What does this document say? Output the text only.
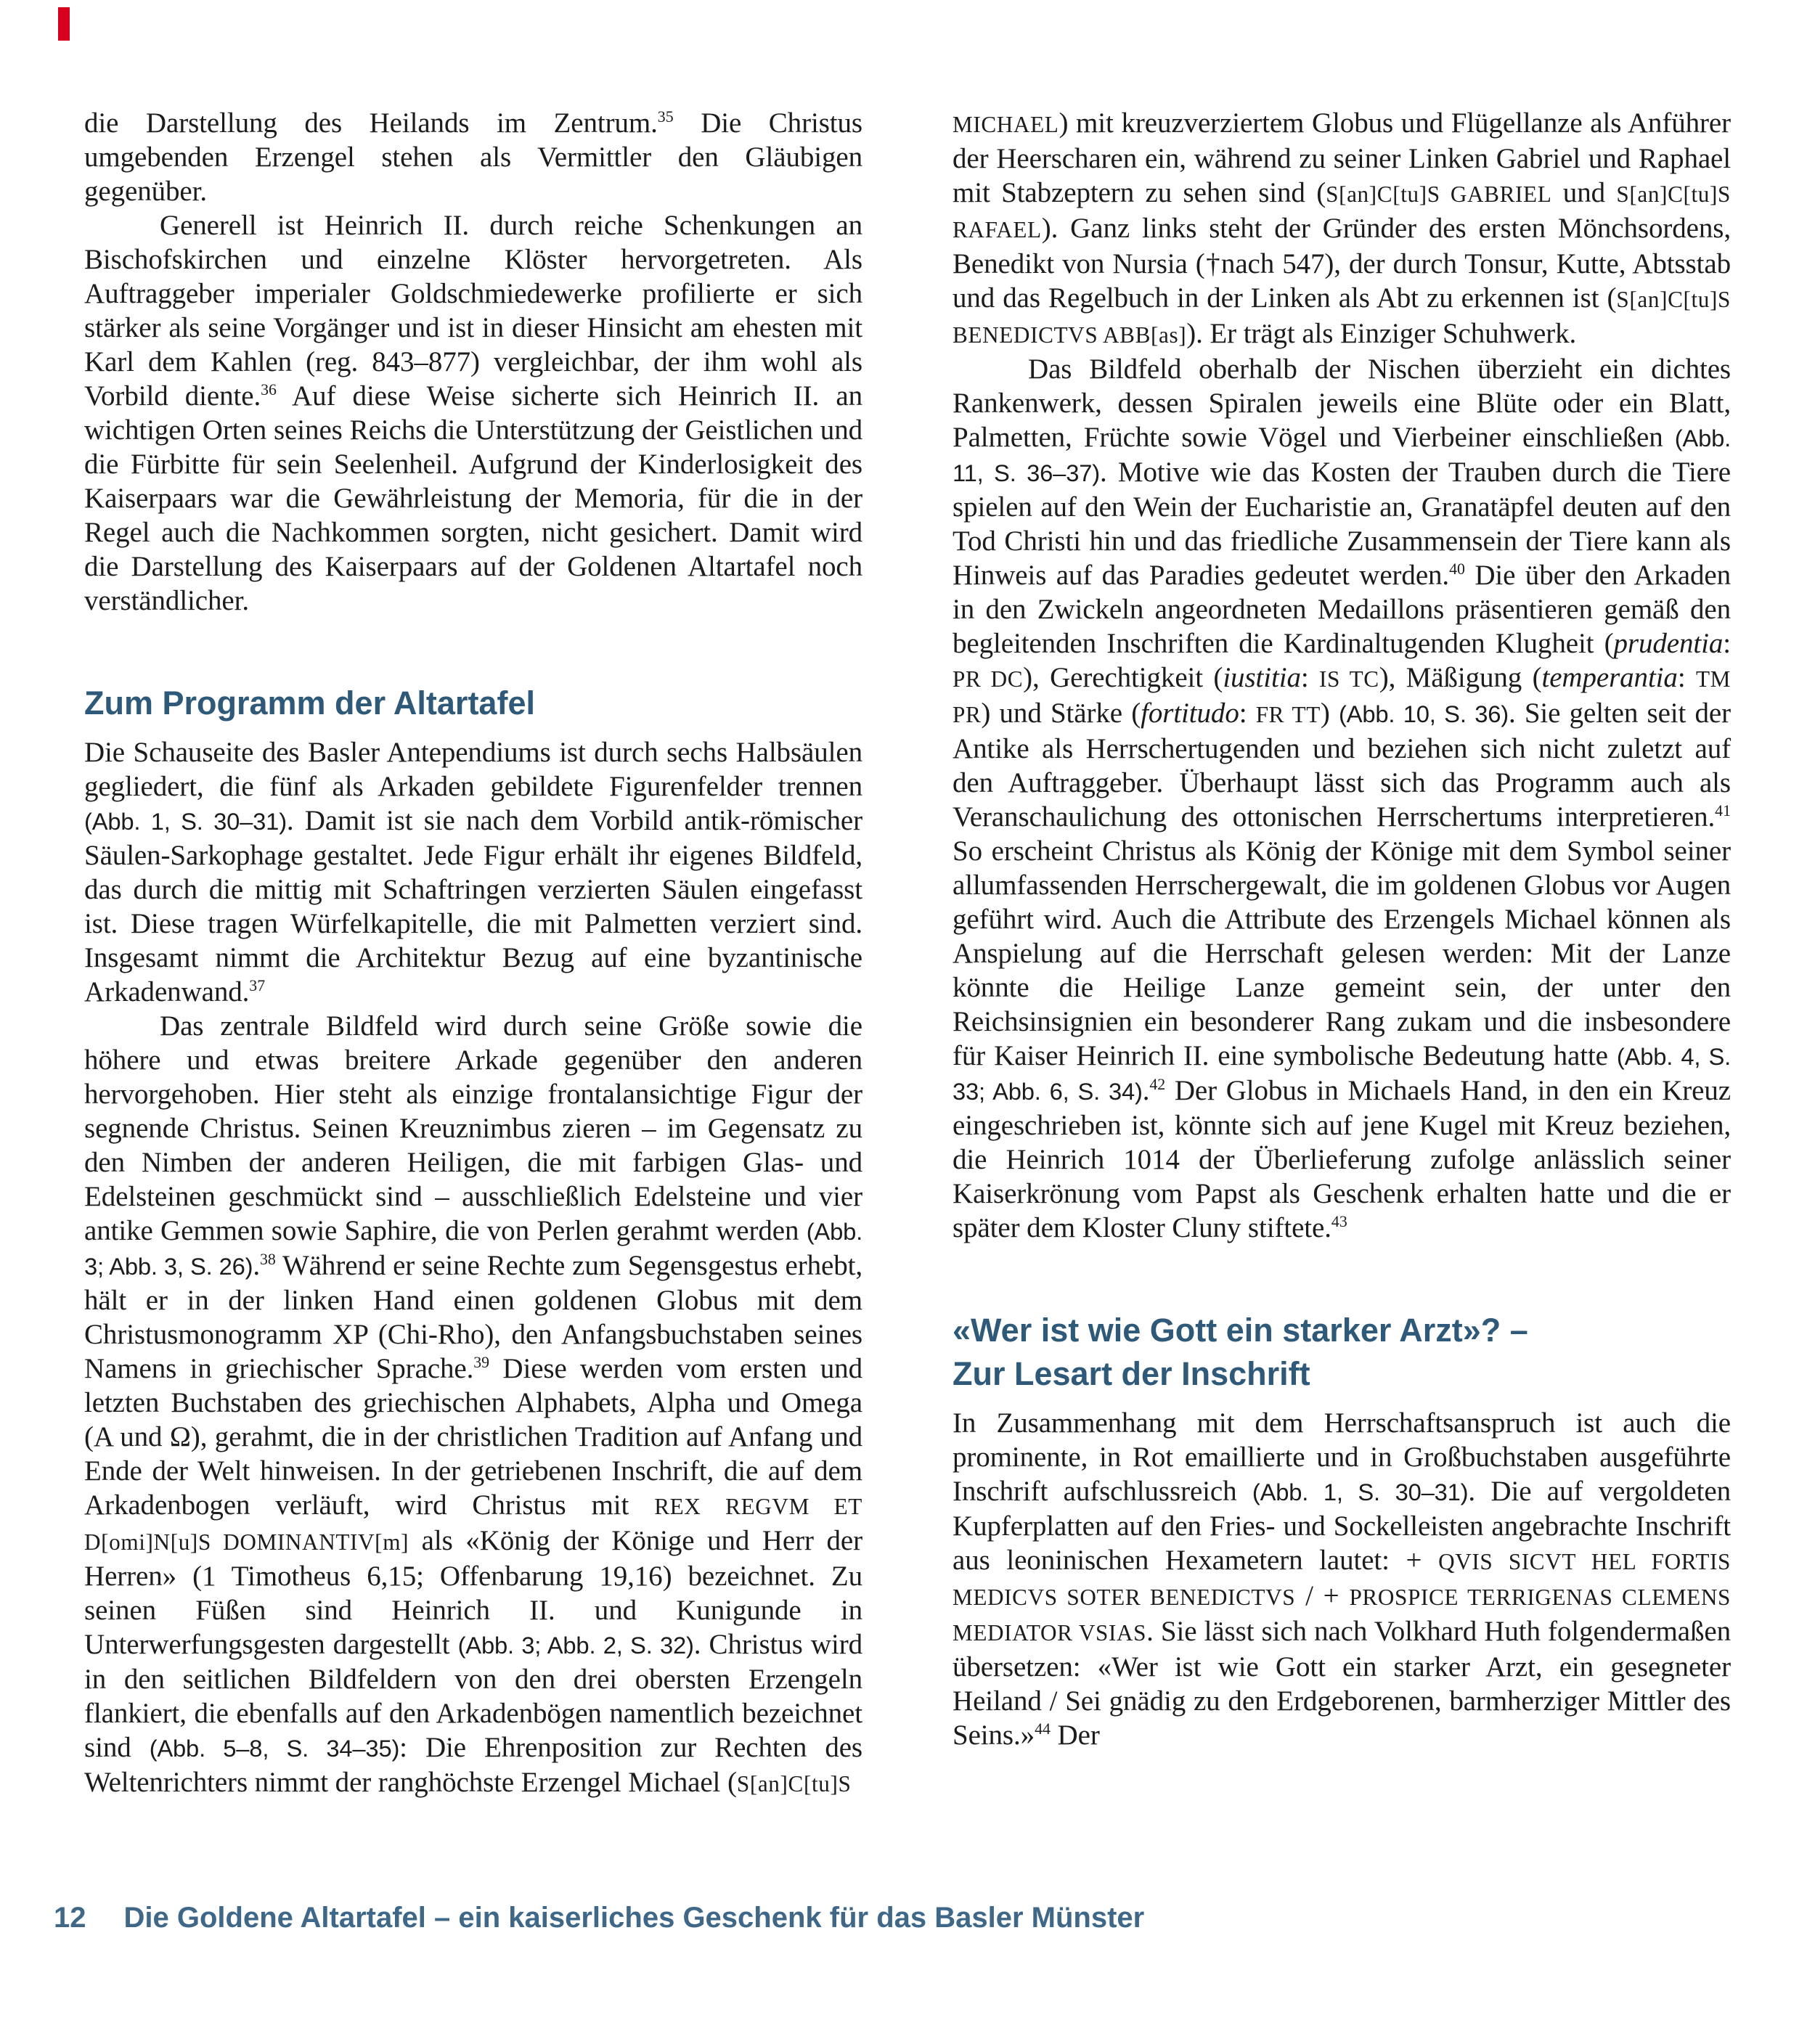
die Darstellung des Heilands im Zentrum.$^{35}$ Die Christus umgebenden Erzengel stehen als Vermittler den Gläubigen gegenüber.

Generell ist Heinrich II. durch reiche Schenkungen an Bischofskirchen und einzelne Klöster hervorgetreten. Als Auftraggeber imperialer Goldschmiedewerke profilierte er sich stärker als seine Vorgänger und ist in dieser Hinsicht am ehesten mit Karl dem Kahlen (reg. 843–877) vergleichbar, der ihm wohl als Vorbild diente.$^{36}$ Auf diese Weise sicherte sich Heinrich II. an wichtigen Orten seines Reichs die Unterstützung der Geistlichen und die Fürbitte für sein Seelenheil. Aufgrund der Kinderlosigkeit des Kaiserpaars war die Gewährleistung der Memoria, für die in der Regel auch die Nachkommen sorgten, nicht gesichert. Damit wird die Darstellung des Kaiserpaars auf der Goldenen Altartafel noch verständlicher.

Zum Programm der Altartafel

Die Schauseite des Basler Antependiums ist durch sechs Halbsäulen gegliedert, die fünf als Arkaden gebildete Figurenfelder trennen (Abb. 1, S. 30–31). Damit ist sie nach dem Vorbild antik-römischer Säulen-Sarkophage gestaltet. Jede Figur erhält ihr eigenes Bildfeld, das durch die mittig mit Schaftringen verzierten Säulen eingefasst ist. Diese tragen Würfelkapitelle, die mit Palmetten verziert sind. Insgesamt nimmt die Architektur Bezug auf eine byzantinische Arkadenwand.$^{37}$

Das zentrale Bildfeld wird durch seine Größe sowie die höhere und etwas breitere Arkade gegenüber den anderen hervorgehoben. Hier steht als einzige frontalansichtige Figur der segnende Christus. Seinen Kreuznimbus zieren – im Gegensatz zu den Nimben der anderen Heiligen, die mit farbigen Glas- und Edelsteinen geschmückt sind – ausschließlich Edelsteine und vier antike Gemmen sowie Saphire, die von Perlen gerahmt werden (Abb. 3; Abb. 3, S. 26).$^{38}$ Während er seine Rechte zum Segensgestus erhebt, hält er in der linken Hand einen goldenen Globus mit dem Christusmonogramm XP (Chi-Rho), den Anfangsbuchstaben seines Namens in griechischer Sprache.$^{39}$ Diese werden vom ersten und letzten Buchstaben des griechischen Alphabets, Alpha und Omega (Α und Ω), gerahmt, die in der christlichen Tradition auf Anfang und Ende der Welt hinweisen. In der getriebenen Inschrift, die auf dem Arkadenbogen verläuft, wird Christus mit REX REGVM ET D[omi]N[u]S DOMINANTIV[m] als «König der Könige und Herr der Herren» (1 Timotheus 6,15; Offenbarung 19,16) bezeichnet. Zu seinen Füßen sind Heinrich II. und Kunigunde in Unterwerfungsgesten dargestellt (Abb. 3; Abb. 2, S. 32). Christus wird in den seitlichen Bildfeldern von den drei obersten Erzengeln flankiert, die ebenfalls auf den Arkadenbögen namentlich bezeichnet sind (Abb. 5–8, S. 34–35): Die Ehrenposition zur Rechten des Weltenrichters nimmt der ranghöchste Erzengel Michael (S[an]C[tu]S

MICHAEL) mit kreuzverziertem Globus und Flügellanze als Anführer der Heerscharen ein, während zu seiner Linken Gabriel und Raphael mit Stabzeptern zu sehen sind (S[an]C[tu]S GABRIEL und S[an]C[tu]S RAFAEL). Ganz links steht der Gründer des ersten Mönchsordens, Benedikt von Nursia (†nach 547), der durch Tonsur, Kutte, Abtsstab und das Regelbuch in der Linken als Abt zu erkennen ist (S[an]C[tu]S BENEDICTVS ABB[as]). Er trägt als Einziger Schuhwerk.

Das Bildfeld oberhalb der Nischen überzieht ein dichtes Rankenwerk, dessen Spiralen jeweils eine Blüte oder ein Blatt, Palmetten, Früchte sowie Vögel und Vierbeiner einschließen (Abb. 11, S. 36–37). Motive wie das Kosten der Trauben durch die Tiere spielen auf den Wein der Eucharistie an, Granatäpfel deuten auf den Tod Christi hin und das friedliche Zusammensein der Tiere kann als Hinweis auf das Paradies gedeutet werden.$^{40}$ Die über den Arkaden in den Zwickeln angeordneten Medaillons präsentieren gemäß den begleitenden Inschriften die Kardinaltugenden Klugheit (prudentia: PR DC), Gerechtigkeit (iustitia: IS TC), Mäßigung (temperantia: TM PR) und Stärke (fortitudo: FR TT) (Abb. 10, S. 36). Sie gelten seit der Antike als Herrschertugenden und beziehen sich nicht zuletzt auf den Auftraggeber. Überhaupt lässt sich das Programm auch als Veranschaulichung des ottonischen Herrschertums interpretieren.$^{41}$ So erscheint Christus als König der Könige mit dem Symbol seiner allumfassenden Herrschergewalt, die im goldenen Globus vor Augen geführt wird. Auch die Attribute des Erzengels Michael können als Anspielung auf die Herrschaft gelesen werden: Mit der Lanze könnte die Heilige Lanze gemeint sein, der unter den Reichsinsignien ein besonderer Rang zukam und die insbesondere für Kaiser Heinrich II. eine symbolische Bedeutung hatte (Abb. 4, S. 33; Abb. 6, S. 34).$^{42}$ Der Globus in Michaels Hand, in den ein Kreuz eingeschrieben ist, könnte sich auf jene Kugel mit Kreuz beziehen, die Heinrich 1014 der Überlieferung zufolge anlässlich seiner Kaiserkrönung vom Papst als Geschenk erhalten hatte und die er später dem Kloster Cluny stiftete.$^{43}$

«Wer ist wie Gott ein starker Arzt»? –
Zur Lesart der Inschrift

In Zusammenhang mit dem Herrschaftsanspruch ist auch die prominente, in Rot emaillierte und in Großbuchstaben ausgeführte Inschrift aufschlussreich (Abb. 1, S. 30–31). Die auf vergoldeten Kupferplatten auf den Fries- und Sockelleisten angebrachte Inschrift aus leoninischen Hexametern lautet: + QVIS SICVT HEL FORTIS MEDICVS SOTER BENEDICTVS / + PROSPICE TERRIGENAS CLEMENS MEDIATOR VSIAS. Sie lässt sich nach Volkhard Huth folgendermaßen übersetzen: «Wer ist wie Gott ein starker Arzt, ein gesegneter Heiland / Sei gnädig zu den Erdgeborenen, barmherziger Mittler des Seins.»$^{44}$ Der

12 Die Goldene Altartafel – ein kaiserliches Geschenk für das Basler Münster
